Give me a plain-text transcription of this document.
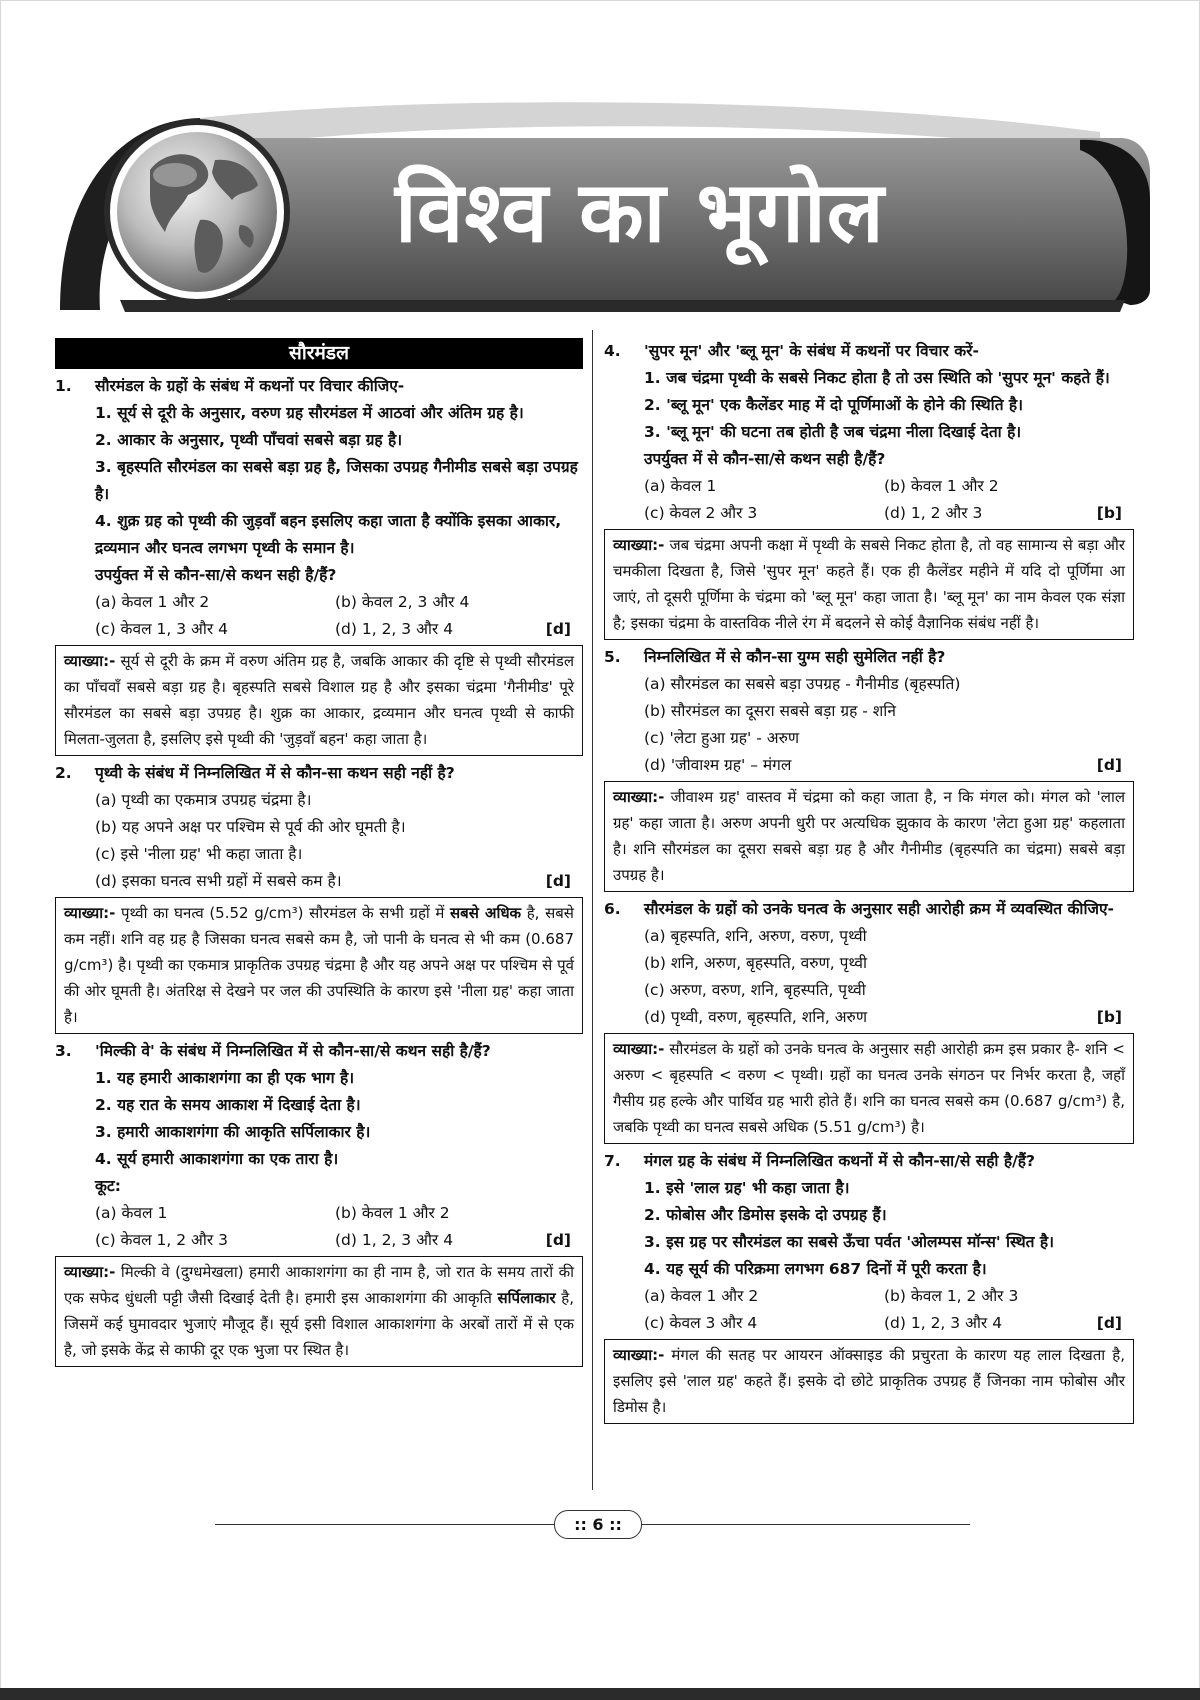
विश्व का भूगोल
सौरमंडल
1.	सौरमंडल के ग्रहों के संबंध में कथनों पर विचार कीजिए-
1. सूर्य से दूरी के अनुसार, वरुण ग्रह सौरमंडल में आठवां और अंतिम ग्रह है।
2. आकार के अनुसार, पृथ्वी पाँचवां सबसे बड़ा ग्रह है।
3. बृहस्पति सौरमंडल का सबसे बड़ा ग्रह है, जिसका उपग्रह गैनीमीड सबसे बड़ा उपग्रह है।
4. शुक्र ग्रह को पृथ्वी की जुड़वाँ बहन इसलिए कहा जाता है क्योंकि इसका आकार, द्रव्यमान और घनत्व लगभग पृथ्वी के समान है।
उपर्युक्त में से कौन-सा/से कथन सही है/हैं?
(a) केवल 1 और 2	(b) केवल 2, 3 और 4
(c) केवल 1, 3 और 4	(d) 1, 2, 3 और 4	[d]
व्याख्या:- सूर्य से दूरी के क्रम में वरुण अंतिम ग्रह है, जबकि आकार की दृष्टि से पृथ्वी सौरमंडल का पाँचवाँ सबसे बड़ा ग्रह है। बृहस्पति सबसे विशाल ग्रह है और इसका चंद्रमा 'गैनीमीड' पूरे सौरमंडल का सबसे बड़ा उपग्रह है। शुक्र का आकार, द्रव्यमान और घनत्व पृथ्वी से काफी मिलता-जुलता है, इसलिए इसे पृथ्वी की 'जुड़वाँ बहन' कहा जाता है।
2.	पृथ्वी के संबंध में निम्नलिखित में से कौन-सा कथन सही नहीं है?
(a) पृथ्वी का एकमात्र उपग्रह चंद्रमा है।
(b) यह अपने अक्ष पर पश्चिम से पूर्व की ओर घूमती है।
(c) इसे 'नीला ग्रह' भी कहा जाता है।
(d) इसका घनत्व सभी ग्रहों में सबसे कम है।	[d]
व्याख्या:- पृथ्वी का घनत्व (5.52 g/cm³) सौरमंडल के सभी ग्रहों में सबसे अधिक है, सबसे कम नहीं। शनि वह ग्रह है जिसका घनत्व सबसे कम है, जो पानी के घनत्व से भी कम (0.687 g/cm³) है। पृथ्वी का एकमात्र प्राकृतिक उपग्रह चंद्रमा है और यह अपने अक्ष पर पश्चिम से पूर्व की ओर घूमती है। अंतरिक्ष से देखने पर जल की उपस्थिति के कारण इसे 'नीला ग्रह' कहा जाता है।
3.	'मिल्की वे' के संबंध में निम्नलिखित में से कौन-सा/से कथन सही है/हैं?
1. यह हमारी आकाशगंगा का ही एक भाग है।
2. यह रात के समय आकाश में दिखाई देता है।
3. हमारी आकाशगंगा की आकृति सर्पिलाकार है।
4. सूर्य हमारी आकाशगंगा का एक तारा है।
कूट:
(a) केवल 1	(b) केवल 1 और 2
(c) केवल 1, 2 और 3	(d) 1, 2, 3 और 4	[d]
व्याख्या:- मिल्की वे (दुग्धमेखला) हमारी आकाशगंगा का ही नाम है, जो रात के समय तारों की एक सफेद धुंधली पट्टी जैसी दिखाई देती है। हमारी इस आकाशगंगा की आकृति सर्पिलाकार है, जिसमें कई घुमावदार भुजाएं मौजूद हैं। सूर्य इसी विशाल आकाशगंगा के अरबों तारों में से एक है, जो इसके केंद्र से काफी दूर एक भुजा पर स्थित है।
4.	'सुपर मून' और 'ब्लू मून' के संबंध में कथनों पर विचार करें-
1. जब चंद्रमा पृथ्वी के सबसे निकट होता है तो उस स्थिति को 'सुपर मून' कहते हैं।
2. 'ब्लू मून' एक कैलेंडर माह में दो पूर्णिमाओं के होने की स्थिति है।
3. 'ब्लू मून' की घटना तब होती है जब चंद्रमा नीला दिखाई देता है।
उपर्युक्त में से कौन-सा/से कथन सही है/हैं?
(a) केवल 1	(b) केवल 1 और 2
(c) केवल 2 और 3	(d) 1, 2 और 3	[b]
व्याख्या:- जब चंद्रमा अपनी कक्षा में पृथ्वी के सबसे निकट होता है, तो वह सामान्य से बड़ा और चमकीला दिखता है, जिसे 'सुपर मून' कहते हैं। एक ही कैलेंडर महीने में यदि दो पूर्णिमा आ जाएं, तो दूसरी पूर्णिमा के चंद्रमा को 'ब्लू मून' कहा जाता है। 'ब्लू मून' का नाम केवल एक संज्ञा है; इसका चंद्रमा के वास्तविक नीले रंग में बदलने से कोई वैज्ञानिक संबंध नहीं है।
5.	निम्नलिखित में से कौन-सा युग्म सही सुमेलित नहीं है?
(a) सौरमंडल का सबसे बड़ा उपग्रह - गैनीमीड (बृहस्पति)
(b) सौरमंडल का दूसरा सबसे बड़ा ग्रह - शनि
(c) 'लेटा हुआ ग्रह' - अरुण
(d) 'जीवाश्म ग्रह' – मंगल	[d]
व्याख्या:- जीवाश्म ग्रह' वास्तव में चंद्रमा को कहा जाता है, न कि मंगल को। मंगल को 'लाल ग्रह' कहा जाता है। अरुण अपनी धुरी पर अत्यधिक झुकाव के कारण 'लेटा हुआ ग्रह' कहलाता है। शनि सौरमंडल का दूसरा सबसे बड़ा ग्रह है और गैनीमीड (बृहस्पति का चंद्रमा) सबसे बड़ा उपग्रह है।
6.	सौरमंडल के ग्रहों को उनके घनत्व के अनुसार सही आरोही क्रम में व्यवस्थित कीजिए-
(a) बृहस्पति, शनि, अरुण, वरुण, पृथ्वी
(b) शनि, अरुण, बृहस्पति, वरुण, पृथ्वी
(c) अरुण, वरुण, शनि, बृहस्पति, पृथ्वी
(d) पृथ्वी, वरुण, बृहस्पति, शनि, अरुण	[b]
व्याख्या:- सौरमंडल के ग्रहों को उनके घनत्व के अनुसार सही आरोही क्रम इस प्रकार है- शनि < अरुण < बृहस्पति < वरुण < पृथ्वी। ग्रहों का घनत्व उनके संगठन पर निर्भर करता है, जहाँ गैसीय ग्रह हल्के और पार्थिव ग्रह भारी होते हैं। शनि का घनत्व सबसे कम (0.687 g/cm³) है, जबकि पृथ्वी का घनत्व सबसे अधिक (5.51 g/cm³) है।
7.	मंगल ग्रह के संबंध में निम्नलिखित कथनों में से कौन-सा/से सही है/हैं?
1. इसे 'लाल ग्रह' भी कहा जाता है।
2. फोबोस और डिमोस इसके दो उपग्रह हैं।
3. इस ग्रह पर सौरमंडल का सबसे ऊँचा पर्वत 'ओलम्पस मॉन्स' स्थित है।
4. यह सूर्य की परिक्रमा लगभग 687 दिनों में पूरी करता है।
(a) केवल 1 और 2	(b) केवल 1, 2 और 3
(c) केवल 3 और 4	(d) 1, 2, 3 और 4	[d]
व्याख्या:- मंगल की सतह पर आयरन ऑक्साइड की प्रचुरता के कारण यह लाल दिखता है, इसलिए इसे 'लाल ग्रह' कहते हैं। इसके दो छोटे प्राकृतिक उपग्रह हैं जिनका नाम फोबोस और डिमोस है।
:: 6 ::
